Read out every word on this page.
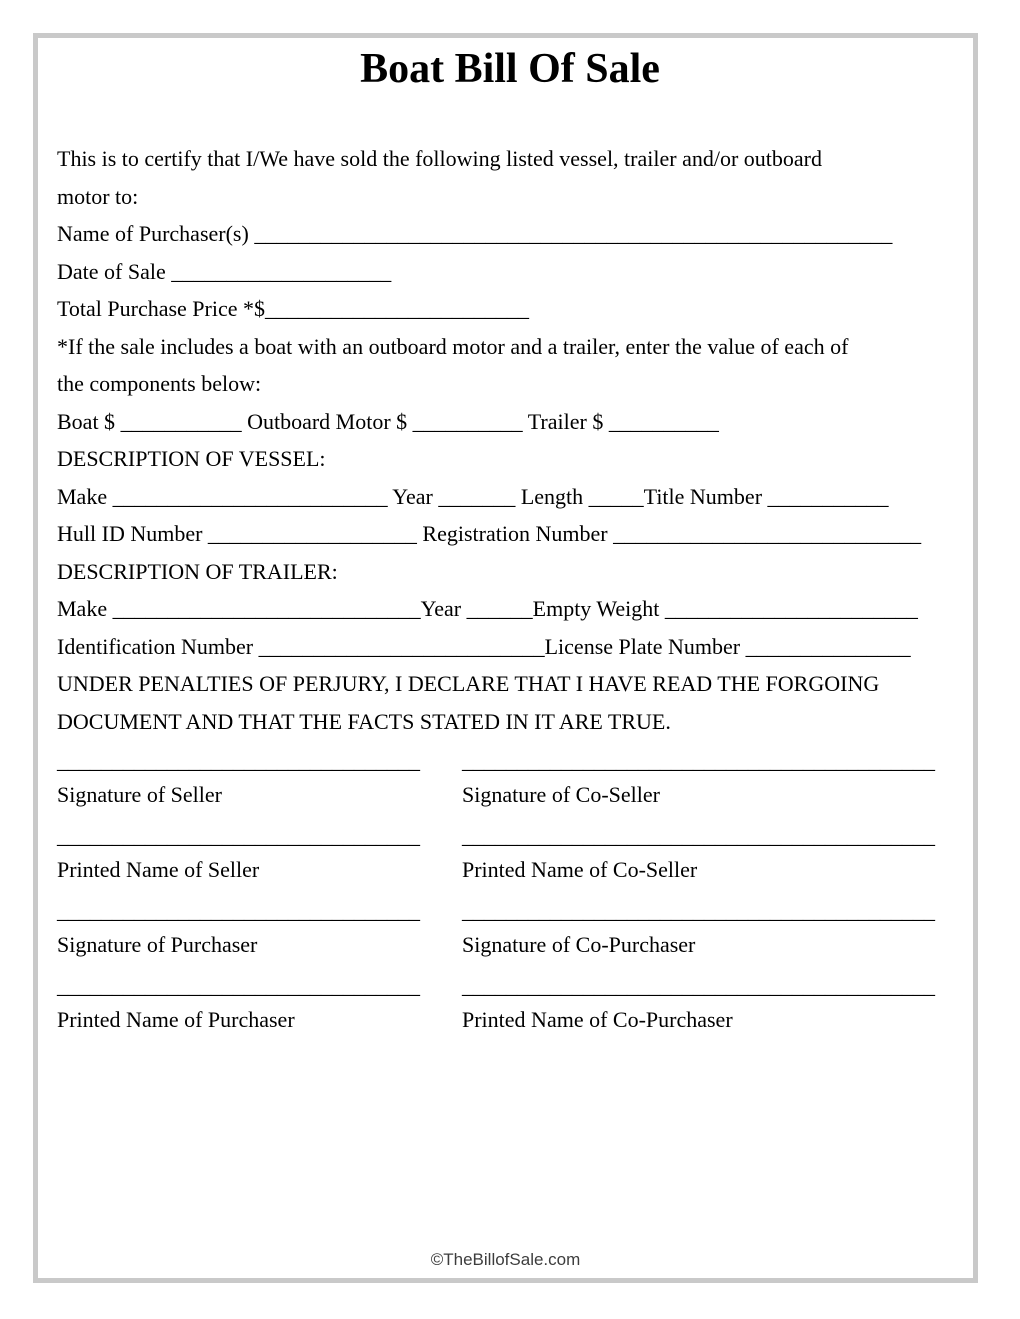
Boat Bill Of Sale

This is to certify that I/We have sold the following listed vessel, trailer and/or outboard

motor to:

Name of Purchaser(s) __________________________________________________________

Date of Sale ____________________

Total Purchase Price *$________________________

*If the sale includes a boat with an outboard motor and a trailer, enter the value of each of

the components below:

Boat $ ___________ Outboard Motor $ __________ Trailer $ __________

DESCRIPTION OF VESSEL:

Make _________________________ Year _______ Length _____Title Number ___________

Hull ID Number ___________________ Registration Number ____________________________

DESCRIPTION OF TRAILER:

Make ____________________________Year ______Empty Weight _______________________

Identification Number __________________________License Plate Number _______________

UNDER PENALTIES OF PERJURY, I DECLARE THAT I HAVE READ THE FORGOING

DOCUMENT AND THAT THE FACTS STATED IN IT ARE TRUE.

_________________________________
Signature of Seller
___________________________________________
Signature of Co-Seller
_________________________________
Printed Name of Seller
___________________________________________
Printed Name of Co-Seller
_________________________________
Signature of Purchaser
___________________________________________
Signature of Co-Purchaser
_________________________________
Printed Name of Purchaser
___________________________________________
Printed Name of Co-Purchaser
©TheBillofSale.com
